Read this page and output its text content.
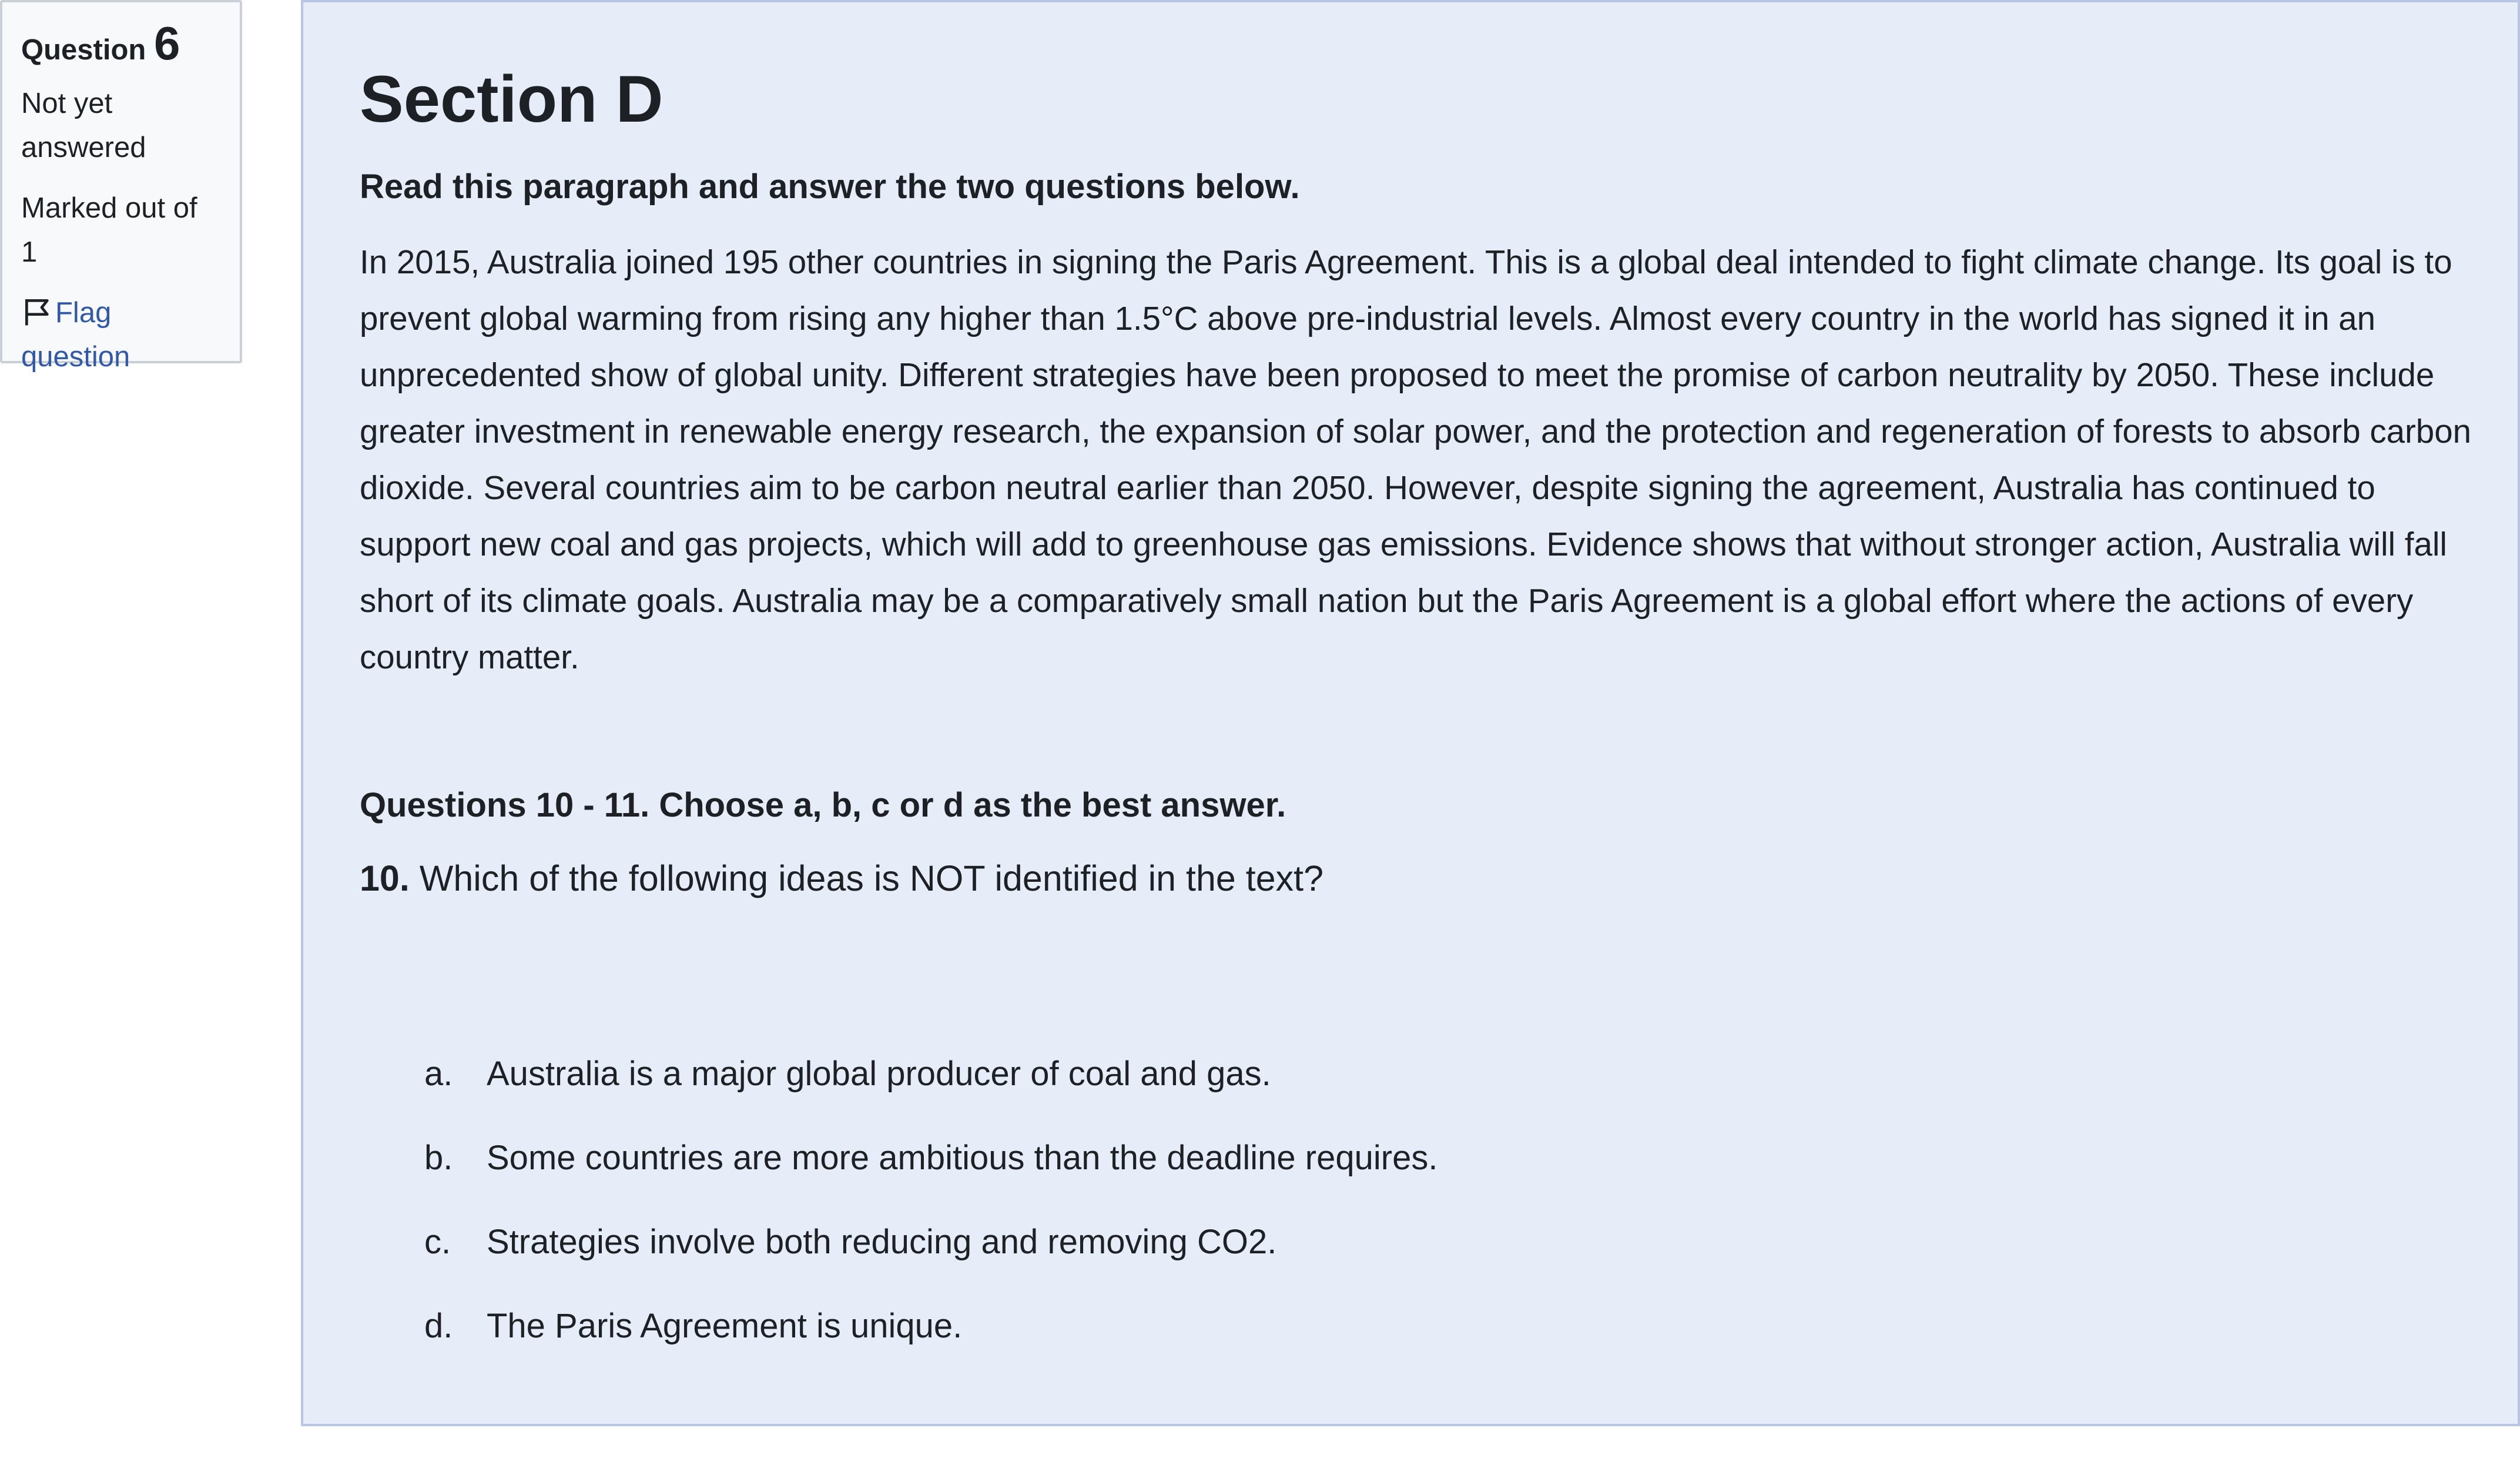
Question 6
Not yet
answered
Marked out of 1
Flag
question
Section D

Read this paragraph and answer the two questions below.

In 2015, Australia joined 195 other countries in signing the Paris Agreement. This is a global deal intended to fight climate change. Its goal is to prevent global warming from rising any higher than 1.5°C above pre-industrial levels. Almost every country in the world has signed it in an unprecedented show of global unity. Different strategies have been proposed to meet the promise of carbon neutrality by 2050. These include greater investment in renewable energy research, the expansion of solar power, and the protection and regeneration of forests to absorb carbon dioxide. Several countries aim to be carbon neutral earlier than 2050. However, despite signing the agreement, Australia has continued to support new coal and gas projects, which will add to greenhouse gas emissions. Evidence shows that without stronger action, Australia will fall short of its climate goals. Australia may be a comparatively small nation but the Paris Agreement is a global effort where the actions of every country matter.

Questions 10 - 11. Choose a, b, c or d as the best answer.

10. Which of the following ideas is NOT identified in the text?

a. Australia is a major global producer of coal and gas.
b. Some countries are more ambitious than the deadline requires.
c. Strategies involve both reducing and removing CO2.
d. The Paris Agreement is unique.
